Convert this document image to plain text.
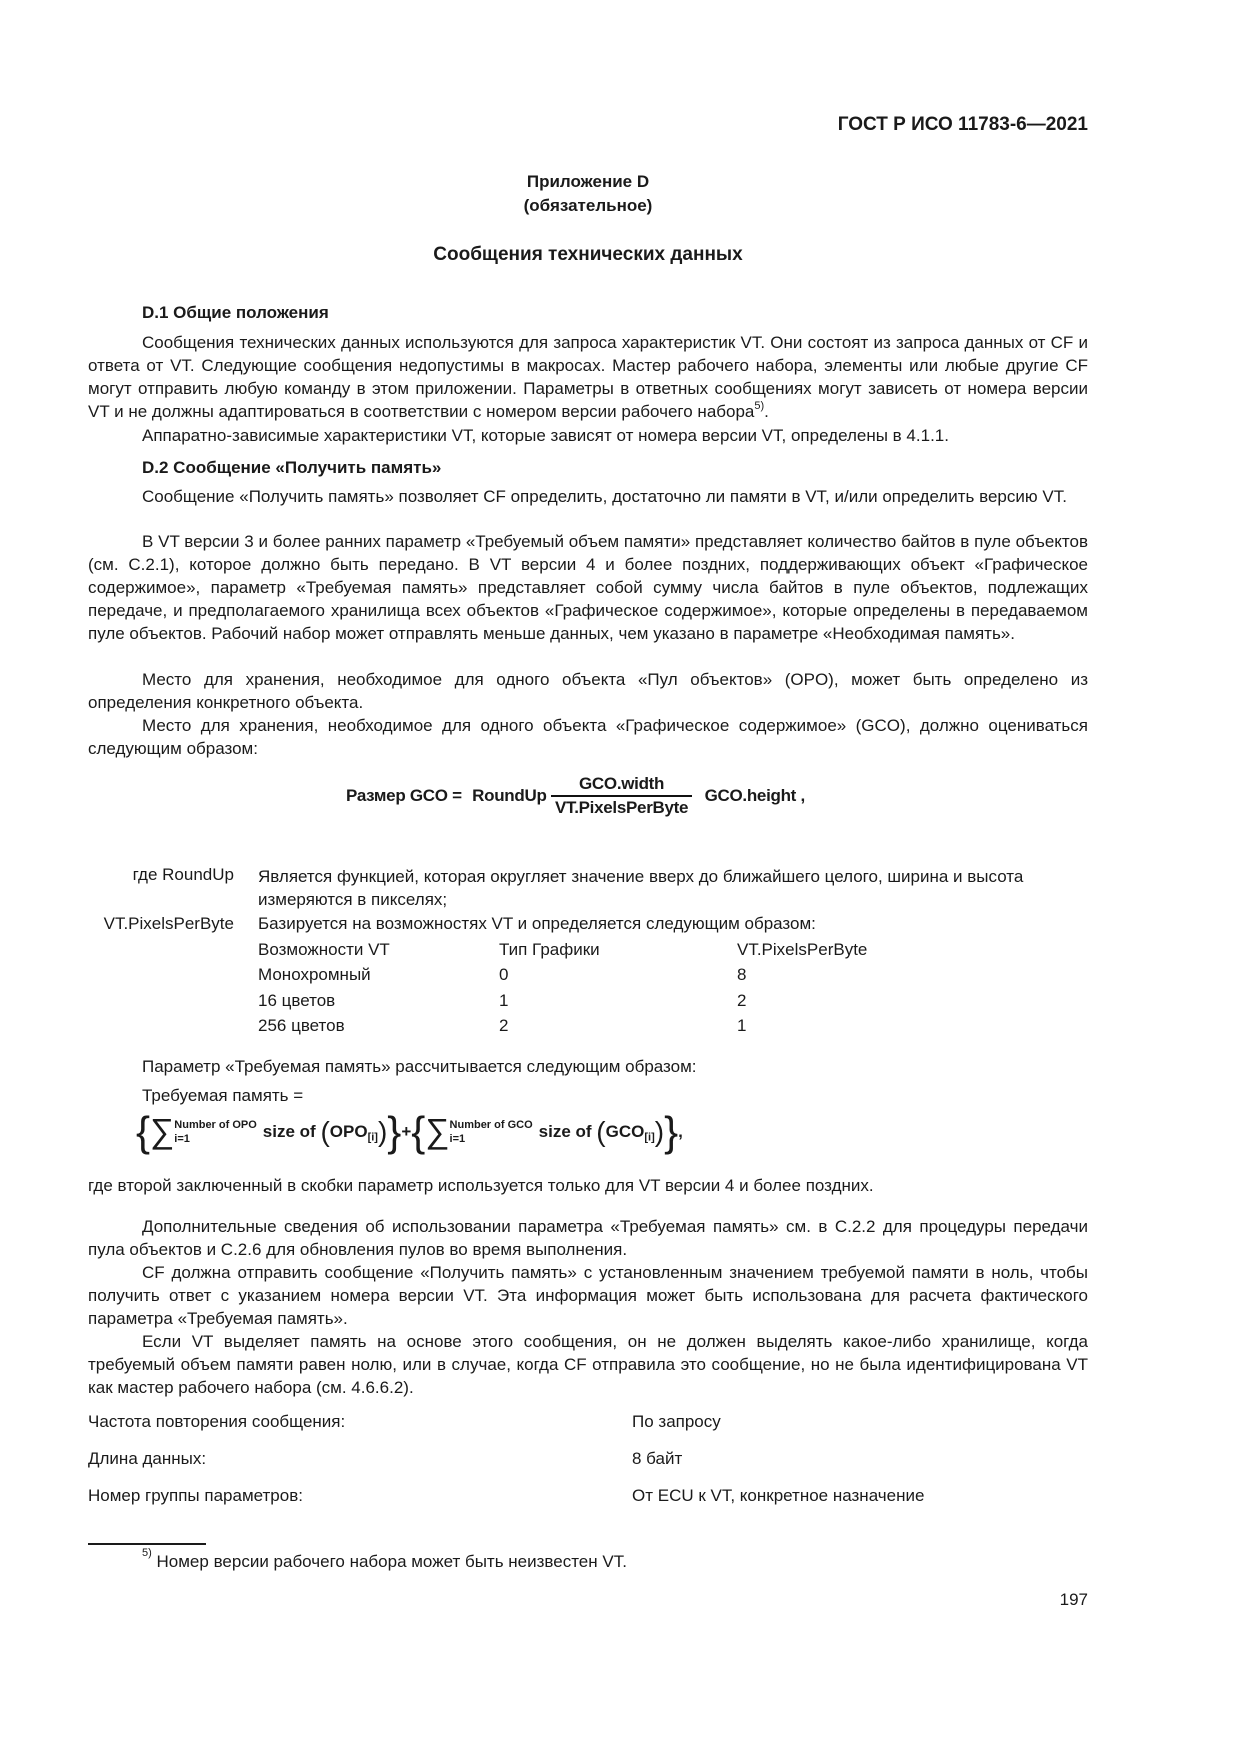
ГОСТ Р ИСО 11783-6—2021
Приложение D
(обязательное)
Сообщения технических данных
D.1 Общие положения
Сообщения технических данных используются для запроса характеристик VT. Они состоят из запроса данных от CF и ответа от VT. Следующие сообщения недопустимы в макросах. Мастер рабочего набора, элементы или любые другие CF могут отправить любую команду в этом приложении. Параметры в ответных сообщениях могут зависеть от номера версии VT и не должны адаптироваться в соответствии с номером версии рабочего набора$^{5)}$.
Аппаратно-зависимые характеристики VT, которые зависят от номера версии VT, определены в 4.1.1.
D.2 Сообщение «Получить память»
Сообщение «Получить память» позволяет CF определить, достаточно ли памяти в VT, и/или определить версию VT.
В VT версии 3 и более ранних параметр «Требуемый объем памяти» представляет количество байтов в пуле объектов (см. C.2.1), которое должно быть передано. В VT версии 4 и более поздних, поддерживающих объект «Графическое содержимое», параметр «Требуемая память» представляет собой сумму числа байтов в пуле объектов, подлежащих передаче, и предполагаемого хранилища всех объектов «Графическое содержимое», которые определены в передаваемом пуле объектов. Рабочий набор может отправлять меньше данных, чем указано в параметре «Необходимая память».
Место для хранения, необходимое для одного объекта «Пул объектов» (OPO), может быть определено из определения конкретного объекта.
Место для хранения, необходимое для одного объекта «Графическое содержимое» (GCO), должно оцениваться следующим образом:
Размер GCO = RoundUp $\frac{\text{GCO.width}}{\text{VT.PixelsPerByte}}$ GCO.height ,
где RoundUp Является функцией, которая округляет значение вверх до ближайшего целого, ширина и высота измеряются в пикселях;
VT.PixelsPerByte Базируется на возможностях VT и определяется следующим образом:
Возможности VT	Тип Графики	VT.PixelsPerByte
Монохромный	0	8
16 цветов	1	2
256 цветов	2	1
Параметр «Требуемая память» рассчитывается следующим образом:
Требуемая память =
{∑ Number of OPO
i=1	size of $(OPO_{[i]})\}+\{\sum$ Number of GCO
i=1	size of $(GCO_{[i]})$},
где второй заключенный в скобки параметр используется только для VT версии 4 и более поздних.
Дополнительные сведения об использовании параметра «Требуемая память» см. в C.2.2 для процедуры передачи пула объектов и C.2.6 для обновления пулов во время выполнения.
CF должна отправить сообщение «Получить память» с установленным значением требуемой памяти в ноль, чтобы получить ответ с указанием номера версии VT. Эта информация может быть использована для расчета фактического параметра «Требуемая память».
Если VT выделяет память на основе этого сообщения, он не должен выделять какое-либо хранилище, когда требуемый объем памяти равен нолю, или в случае, когда CF отправила это сообщение, но не была идентифицирована VT как мастер рабочего набора (см. 4.6.6.2).
Частота повторения сообщения:	По запросу
Длина данных:	8 байт
Номер группы параметров:	От ECU к VT, конкретное назначение
$^{5)}$ Номер версии рабочего набора может быть неизвестен VT.
197
